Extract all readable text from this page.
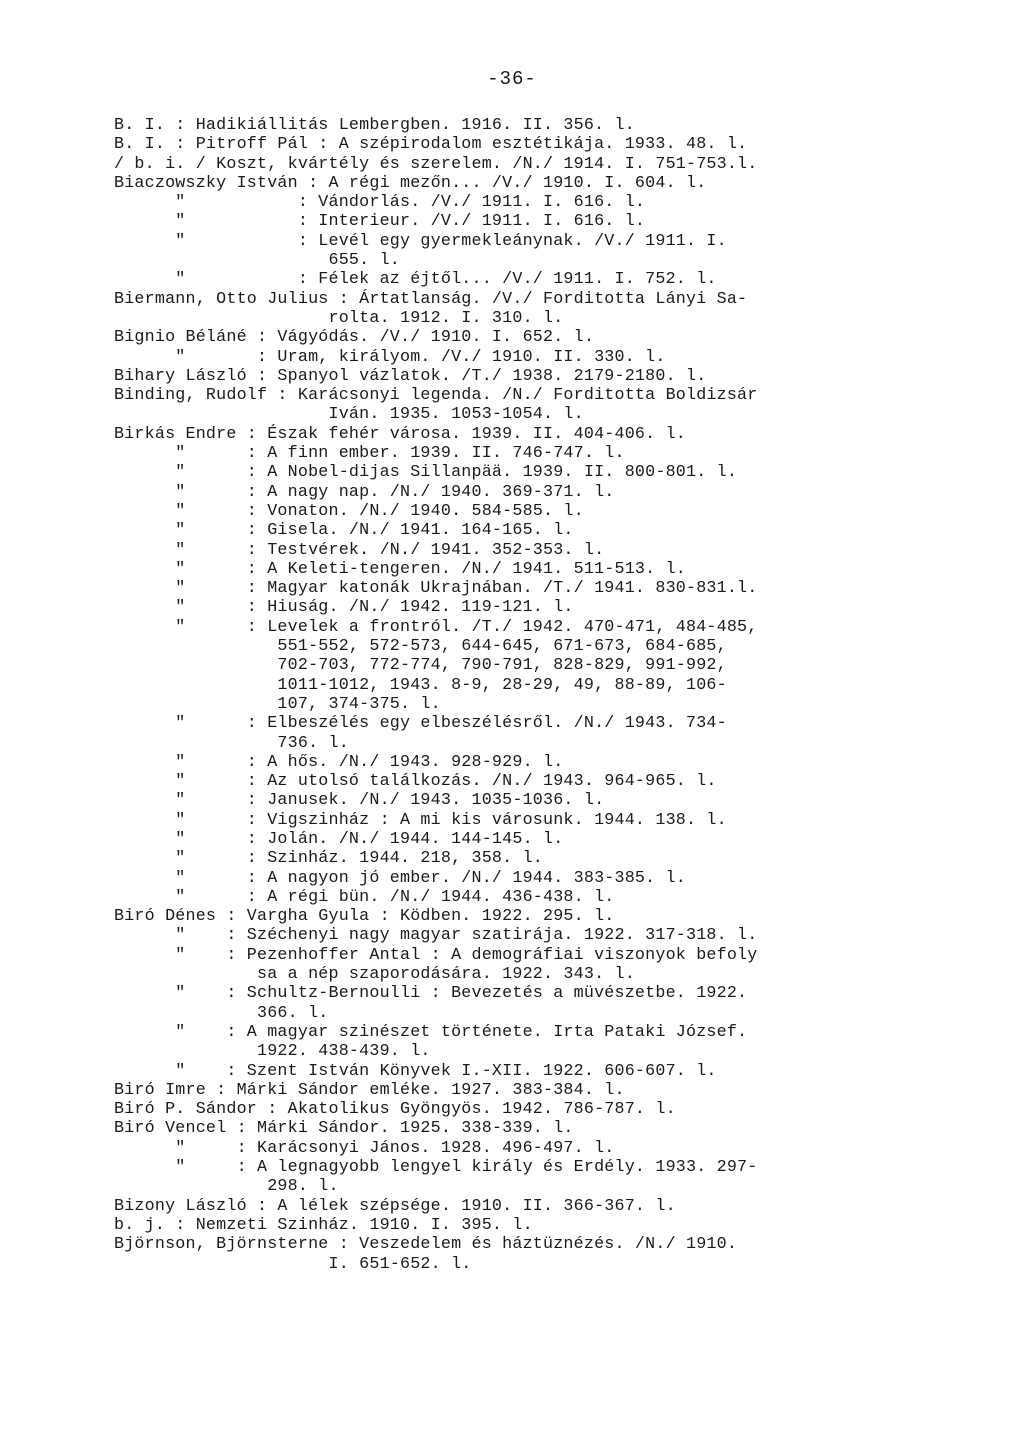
-36-
B. I. : Hadikiállitás Lembergben. 1916. II. 356. l.
B. I. : Pitroff Pál : A szépirodalom esztétikája. 1933. 48. l.
/ b. i. / Koszt, kvártély és szerelem. /N./ 1914. I. 751-753.l.
Biaczowszky István : A régi mezőn... /V./ 1910. I. 604. l.
"           : Vándorlás. /V./ 1911. I. 616. l.
"           : Interieur. /V./ 1911. I. 616. l.
"           : Levél egy gyermekleánynak. /V./ 1911. I.
655. l.
"           : Félek az éjtől... /V./ 1911. I. 752. l.
Biermann, Otto Julius : Ártatlanság. /V./ Forditotta Lányi Sa-
rolta. 1912. I. 310. l.
Bignio Béláné : Vágyódás. /V./ 1910. I. 652. l.
"       : Uram, királyom. /V./ 1910. II. 330. l.
Bihary László : Spanyol vázlatok. /T./ 1938. 2179-2180. l.
Binding, Rudolf : Karácsonyi legenda. /N./ Forditotta Boldizsár
Iván. 1935. 1053-1054. l.
Birkás Endre : Észak fehér városa. 1939. II. 404-406. l.
"      : A finn ember. 1939. II. 746-747. l.
"      : A Nobel-dijas Sillanpää. 1939. II. 800-801. l.
"      : A nagy nap. /N./ 1940. 369-371. l.
"      : Vonaton. /N./ 1940. 584-585. l.
"      : Gisela. /N./ 1941. 164-165. l.
"      : Testvérek. /N./ 1941. 352-353. l.
"      : A Keleti-tengeren. /N./ 1941. 511-513. l.
"      : Magyar katonák Ukrajnában. /T./ 1941. 830-831.l.
"      : Hiuság. /N./ 1942. 119-121. l.
"      : Levelek a frontról. /T./ 1942. 470-471, 484-485,
551-552, 572-573, 644-645, 671-673, 684-685,
702-703, 772-774, 790-791, 828-829, 991-992,
1011-1012, 1943. 8-9, 28-29, 49, 88-89, 106-
107, 374-375. l.
"      : Elbeszélés egy elbeszélésről. /N./ 1943. 734-
736. l.
"      : A hős. /N./ 1943. 928-929. l.
"      : Az utolsó találkozás. /N./ 1943. 964-965. l.
"      : Janusek. /N./ 1943. 1035-1036. l.
"      : Vigszinház : A mi kis városunk. 1944. 138. l.
"      : Jolán. /N./ 1944. 144-145. l.
"      : Szinház. 1944. 218, 358. l.
"      : A nagyon jó ember. /N./ 1944. 383-385. l.
"      : A régi bün. /N./ 1944. 436-438. l.
Biró Dénes : Vargha Gyula : Ködben. 1922. 295. l.
"    : Széchenyi nagy magyar szatirája. 1922. 317-318. l.
"    : Pezenhoffer Antal : A demográfiai viszonyok befoly
sa a nép szaporodására. 1922. 343. l.
"    : Schultz-Bernoulli : Bevezetés a müvészetbe. 1922.
366. l.
"    : A magyar szinészet története. Irta Pataki József.
1922. 438-439. l.
"    : Szent István Könyvek I.-XII. 1922. 606-607. l.
Biró Imre : Márki Sándor emléke. 1927. 383-384. l.
Biró P. Sándor : Akatolikus Gyöngyös. 1942. 786-787. l.
Biró Vencel : Márki Sándor. 1925. 338-339. l.
"     : Karácsonyi János. 1928. 496-497. l.
"     : A legnagyobb lengyel király és Erdély. 1933. 297-
298. l.
Bizony László : A lélek szépsége. 1910. II. 366-367. l.
b. j. : Nemzeti Szinház. 1910. I. 395. l.
Björnson, Björnsterne : Veszedelem és háztüznézés. /N./ 1910.
I. 651-652. l.
